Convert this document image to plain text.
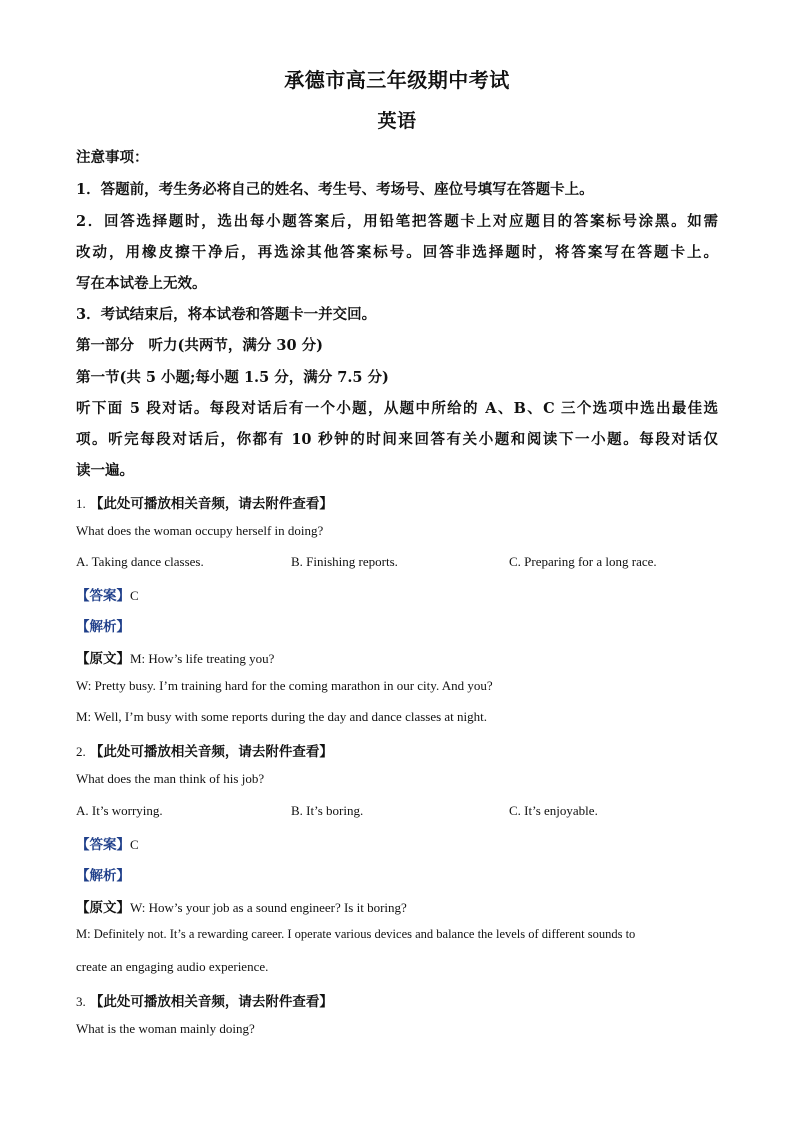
承德市高三年级期中考试
英语
注意事项：
1．答题前，考生务必将自己的姓名、考生号、考场号、座位号填写在答题卡上。
2．回答选择题时，选出每小题答案后，用铅笔把答题卡上对应题目的答案标号涂黑。如需
改动，用橡皮擦干净后，再选涂其他答案标号。回答非选择题时，将答案写在答题卡上。
写在本试卷上无效。
3．考试结束后，将本试卷和答题卡一并交回。
第一部分　听力(共两节，满分 30 分)
第一节(共 5 小题;每小题 1.5 分，满分 7.5 分)
听下面 5 段对话。每段对话后有一个小题，从题中所给的 A、B、C 三个选项中选出最佳选
项。听完每段对话后，你都有 10 秒钟的时间来回答有关小题和阅读下一小题。每段对话仅
读一遍。
1. 【此处可播放相关音频，请去附件查看】
What does the woman occupy herself in doing?
A. Taking dance classes.	B. Finishing reports.	C. Preparing for a long race.
【答案】C
【解析】
【原文】M: How’s life treating you?
W: Pretty busy. I’m training hard for the coming marathon in our city. And you?
M: Well, I’m busy with some reports during the day and dance classes at night.
2. 【此处可播放相关音频，请去附件查看】
What does the man think of his job?
A. It’s worrying.	B. It’s boring.	C. It’s enjoyable.
【答案】C
【解析】
【原文】W: How’s your job as a sound engineer? Is it boring?
M: Definitely not. It’s a rewarding career. I operate various devices and balance the levels of different sounds to
create an engaging audio experience.
3. 【此处可播放相关音频，请去附件查看】
What is the woman mainly doing?
